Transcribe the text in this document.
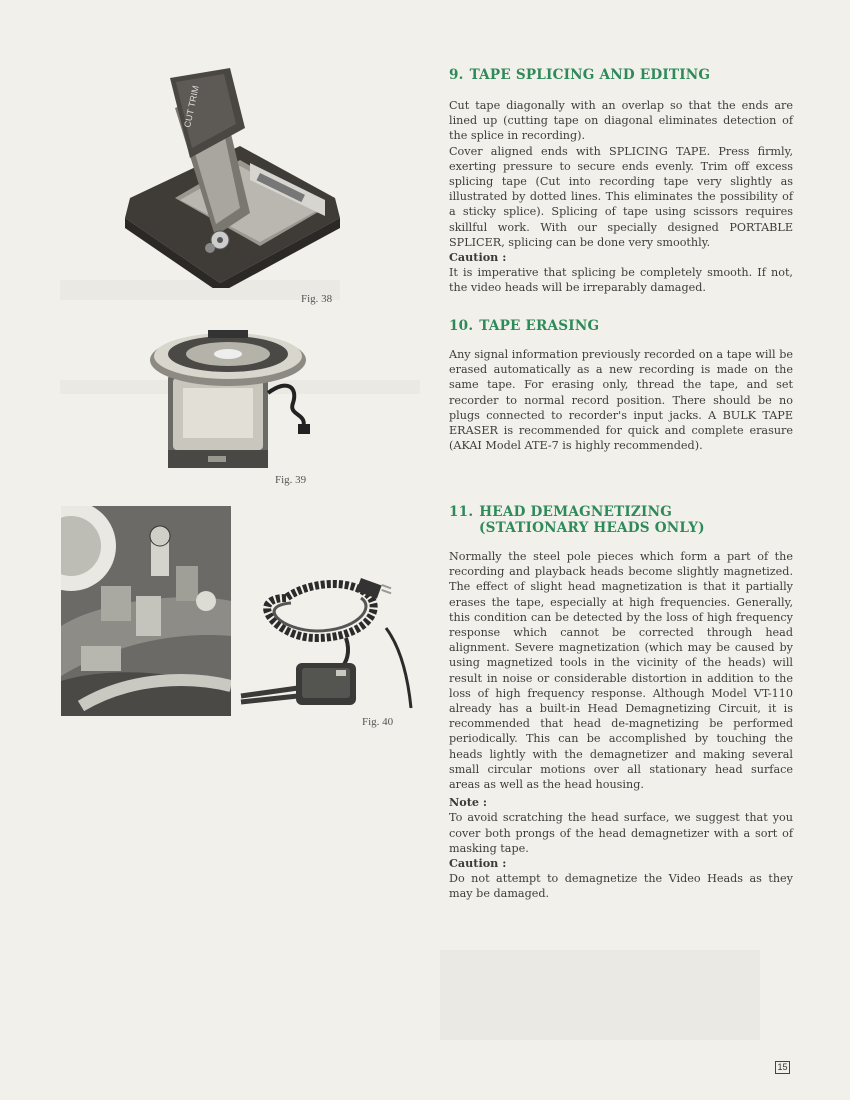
CUT TRIM
Fig. 38
Fig. 39
Fig. 40
9. TAPE SPLICING AND EDITING

Cut tape diagonally with an overlap so that the ends are lined up (cutting tape on diagonal eliminates detection of the splice in recording).

Cover aligned ends with SPLICING TAPE. Press firmly, exerting pressure to secure ends evenly. Trim off excess splicing tape (Cut into recording tape very slightly as illustrated by dotted lines. This eliminates the possibility of a sticky splice). Splicing of tape using scissors requires skillful work. With our specially designed PORTABLE SPLICER, splicing can be done very smoothly.

Caution :

It is imperative that splicing be completely smooth. If not, the video heads will be irreparably damaged.

10. TAPE ERASING

Any signal information previously recorded on a tape will be erased automatically as a new recording is made on the same tape. For erasing only, thread the tape, and set recorder to normal record position. There should be no plugs connected to recorder's input jacks. A BULK TAPE ERASER is recommended for quick and complete erasure (AKAI Model ATE-7 is highly recommended).

11. HEAD DEMAGNETIZING
(STATIONARY HEADS ONLY)

Normally the steel pole pieces which form a part of the recording and playback heads become slightly magnetized. The effect of slight head magnetization is that it partially erases the tape, especially at high frequencies. Generally, this condition can be detected by the loss of high frequency response which cannot be corrected through head alignment. Severe magnetization (which may be caused by using magnetized tools in the vicinity of the heads) will result in noise or considerable distortion in addition to the loss of high frequency response. Although Model VT-110 already has a built-in Head Demagnetizing Circuit, it is recommended that head de-magnetizing be performed periodically. This can be accomplished by touching the heads lightly with the demagnetizer and making several small circular motions over all stationary head surface areas as well as the head housing.

Note :

To avoid scratching the head surface, we suggest that you cover both prongs of the head demagnetizer with a sort of masking tape.

Caution :

Do not attempt to demagnetize the Video Heads as they may be damaged.

15
